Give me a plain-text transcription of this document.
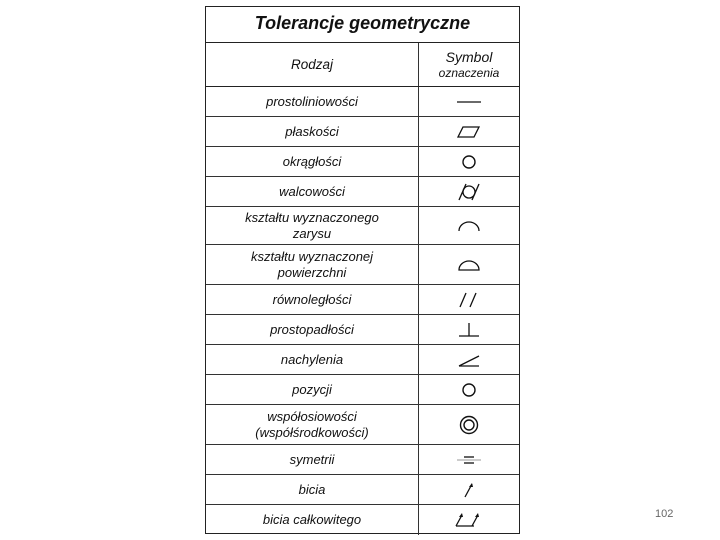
Tolerancje geometryczne
Rodzaj	Symbol
oznaczenia
prostoliniowości
płaskości
okrągłości
walcowości
kształtu wyznaczonego zarysu
kształtu wyznaczonej powierzchni
równoległości
prostopadłości
nachylenia
pozycji
współosiowości (współśrodkowości)
symetrii
bicia
bicia całkowitego	102
